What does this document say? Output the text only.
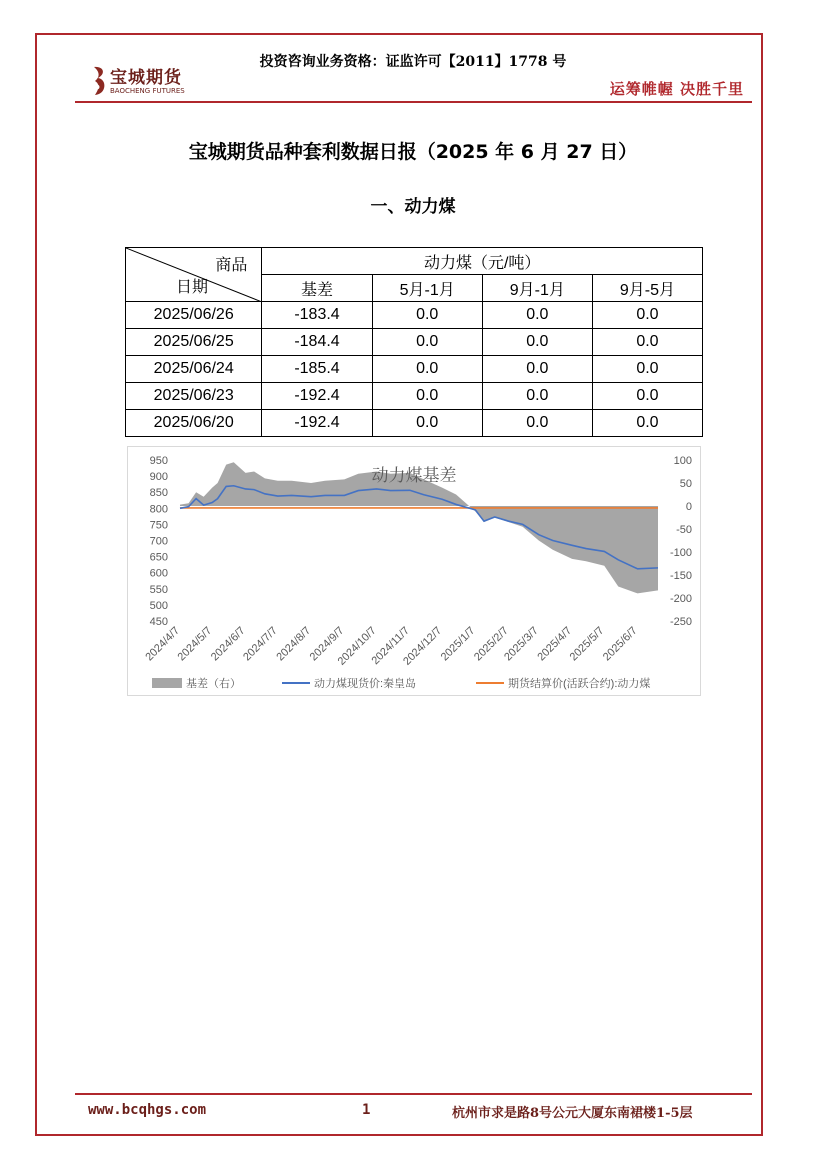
投资咨询业务资格：证监许可【2011】1778 号
宝城期货
BAOCHENG FUTURES	运筹帷幄 决胜千里
宝城期货品种套利数据日报（2025 年 6 月 27 日）
一、动力煤
商品
日期	动力煤（元/吨）			
	基差	5月-1月	9月-1月	9月-5月
2025/06/26	-183.4	0.0	0.0	0.0
2025/06/25	-184.4	0.0	0.0	0.0
2025/06/24	-185.4	0.0	0.0	0.0
2025/06/23	-192.4	0.0	0.0	0.0
2025/06/20	-192.4	0.0	0.0	0.0
950
900
850
800
750
700
650
600
550
500
450
100
50
0
-50
-100
-150
-200
-250
2024/4/7
2024/5/7
2024/6/7
2024/7/7
2024/8/7
2024/9/7
2024/10/7
2024/11/7
2024/12/7
2025/1/7
2025/2/7
2025/3/7
2025/4/7
2025/5/7
2025/6/7
动力煤基差
基差（右）	动力煤现货价:秦皇岛	期货结算价(活跃合约):动力煤
www.bcqhgs.com	1	杭州市求是路8号公元大厦东南裙楼1-5层
